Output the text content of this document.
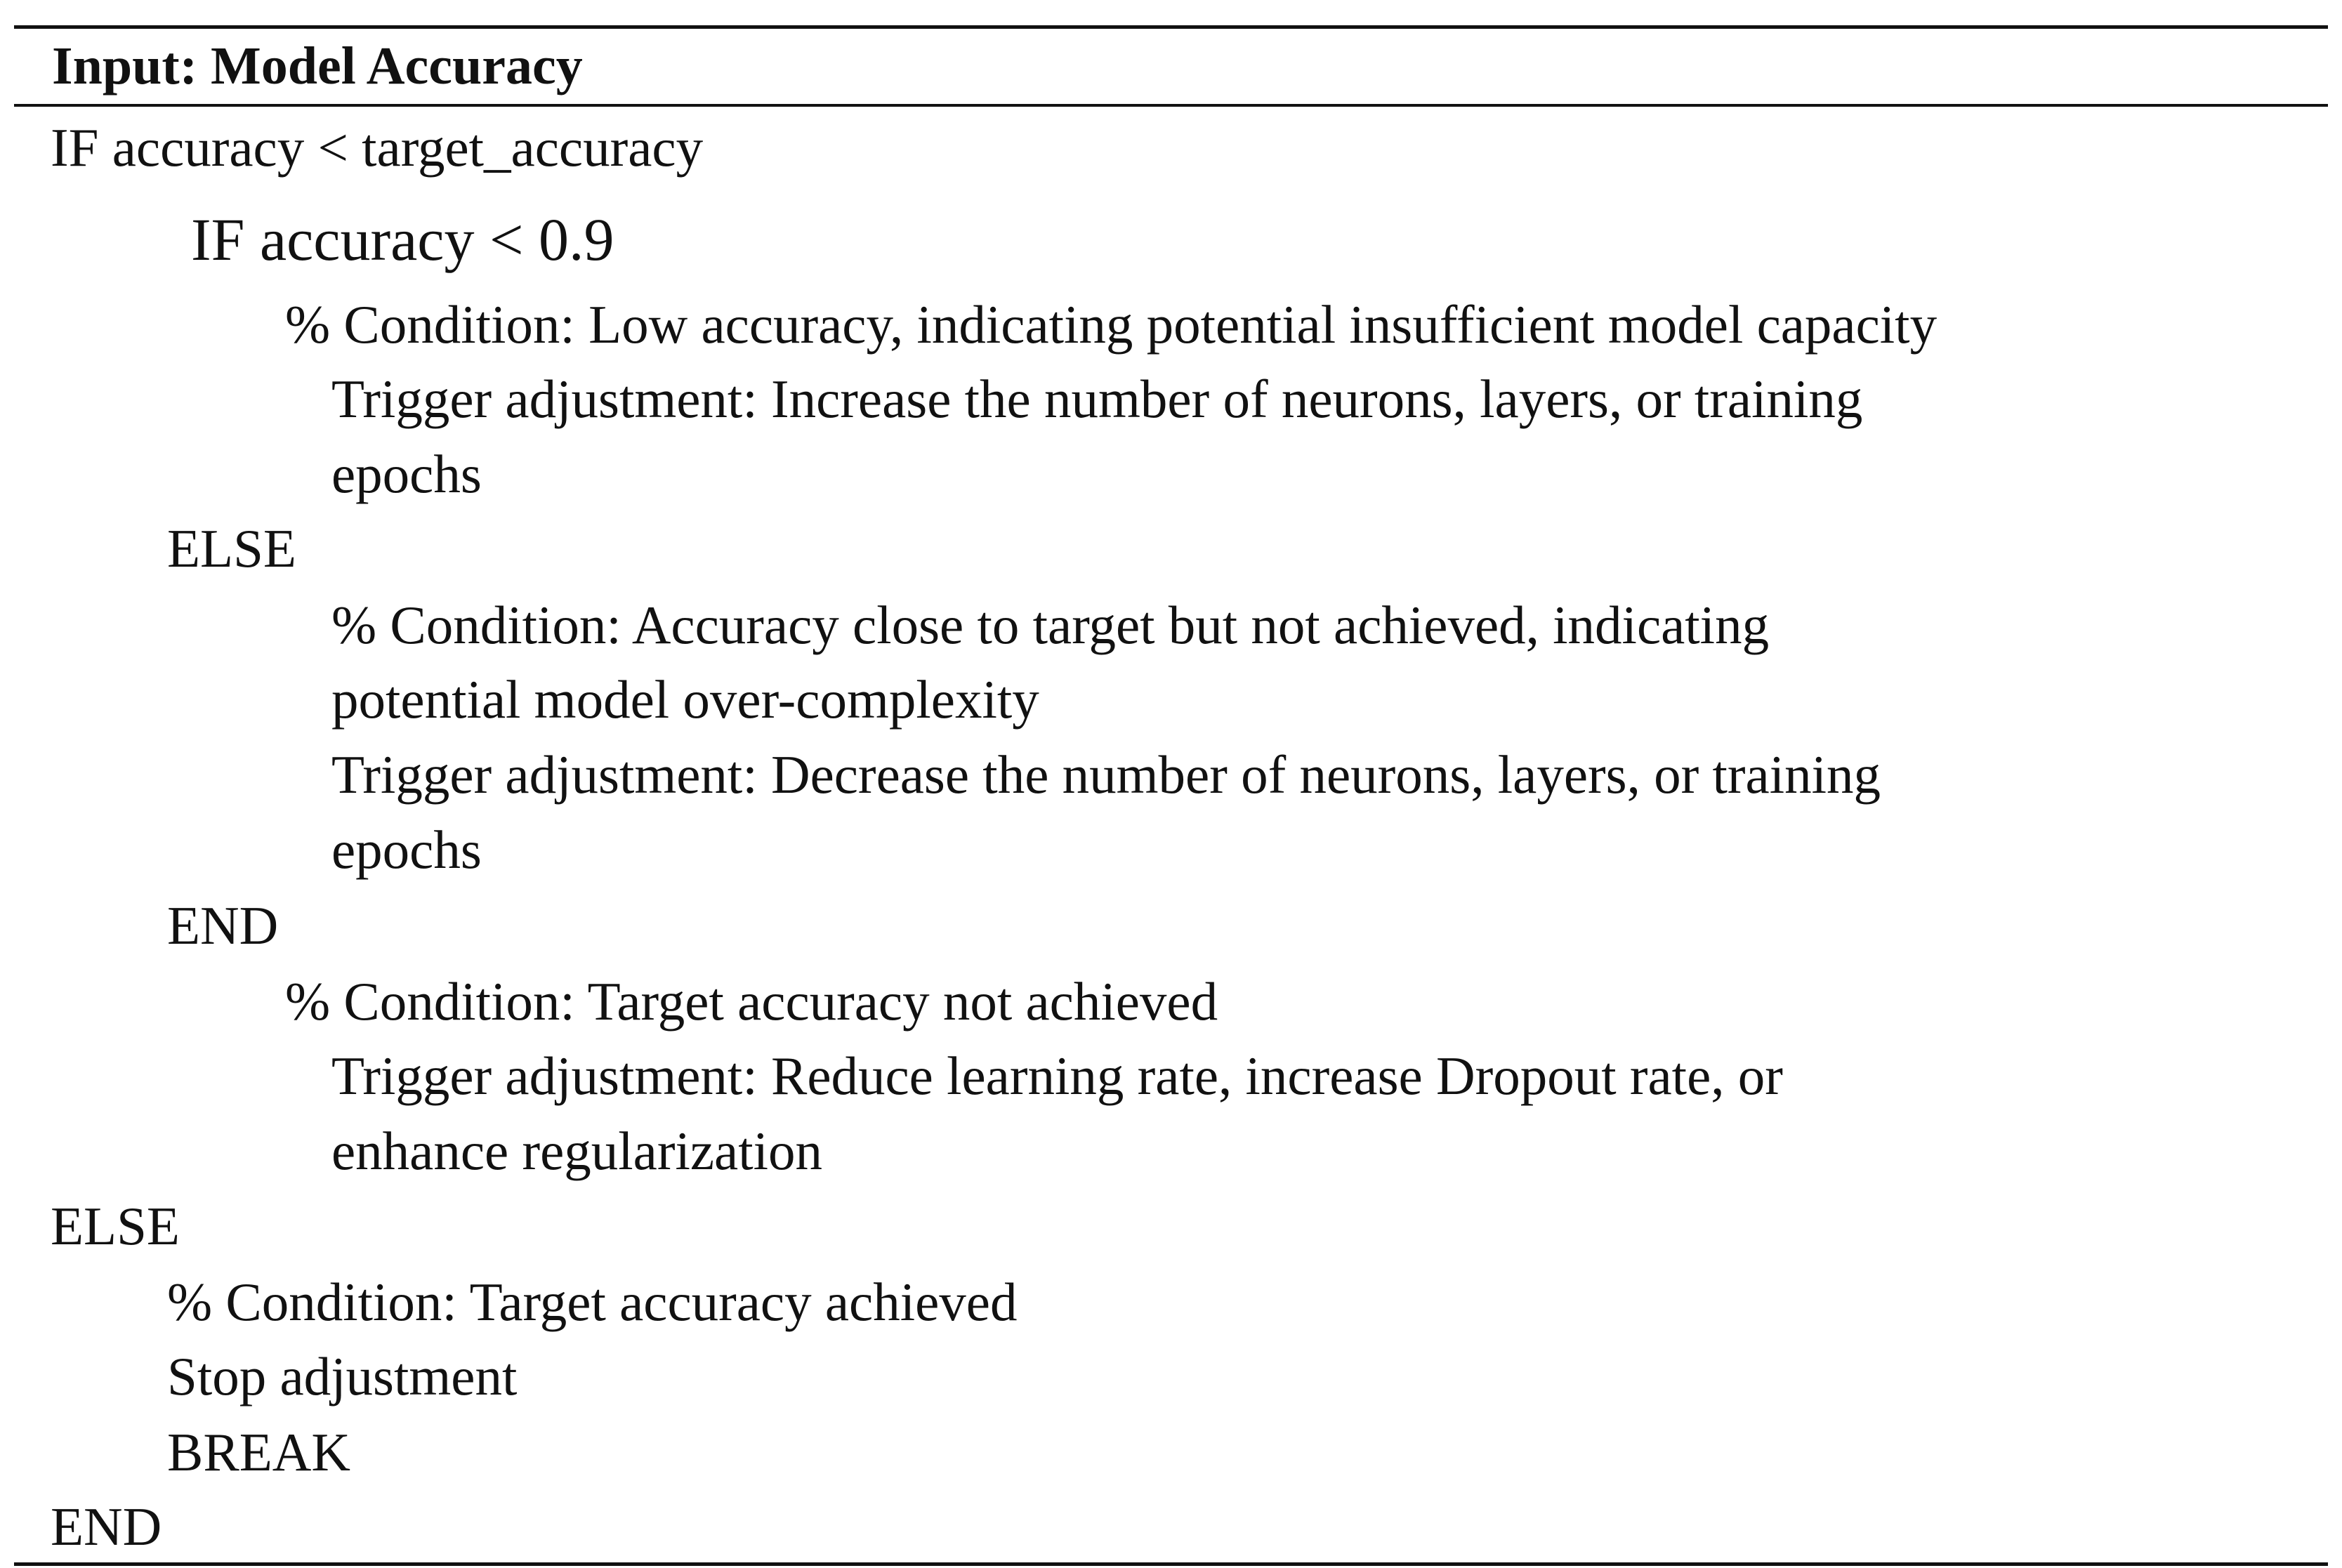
Input: Model Accuracy
IF accuracy < target_accuracy
IF accuracy < 0.9
% Condition: Low accuracy, indicating potential insufficient model capacity
Trigger adjustment: Increase the number of neurons, layers, or training
epochs
ELSE
% Condition: Accuracy close to target but not achieved, indicating
potential model over-complexity
Trigger adjustment: Decrease the number of neurons, layers, or training
epochs
END
% Condition: Target accuracy not achieved
Trigger adjustment: Reduce learning rate, increase Dropout rate, or
enhance regularization
ELSE
% Condition: Target accuracy achieved
Stop adjustment
BREAK
END
